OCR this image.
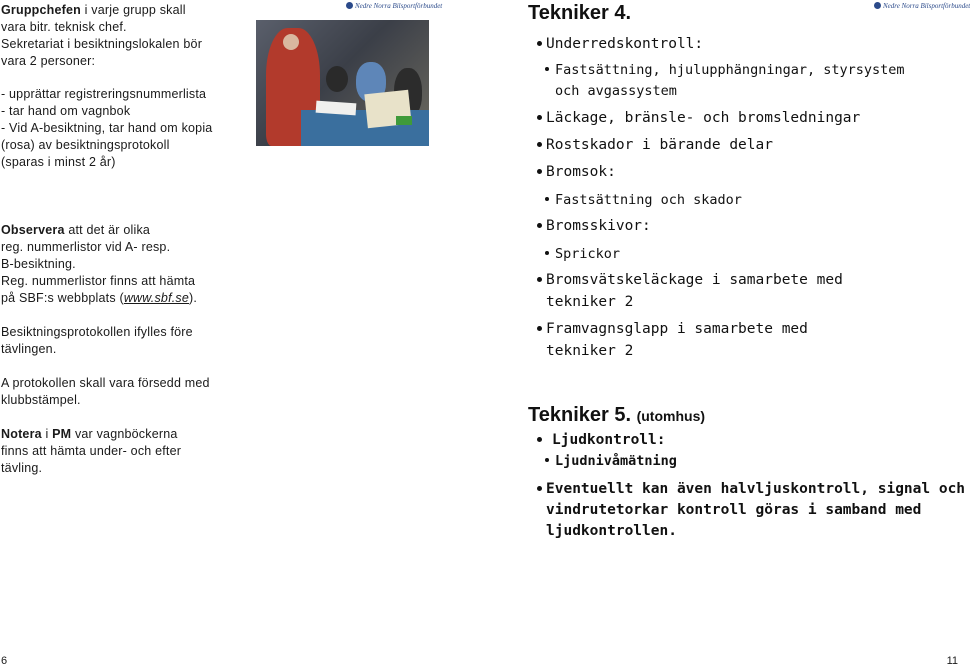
Gruppchefen i varje grupp skall
vara bitr. teknisk chef.
Sekretariat i besiktningslokalen bör
vara 2 personer:
- upprättar registreringsnummerlista
- tar hand om vagnbok
- Vid A-besiktning, tar hand om kopia
(rosa) av besiktningsprotokoll
(sparas i minst 2 år)
Observera att det är olika
reg. nummerlistor vid A- resp.
B-besiktning.
Reg. nummerlistor finns att hämta
på SBF:s webbplats (www.sbf.se).
Besiktningsprotokollen ifylles före
tävlingen.
A protokollen skall vara försedd med
klubbstämpel.
Notera i PM var vagnböckerna
finns att hämta under- och efter
tävling.
Nedre Norra Bilsportförbundet
6
Tekniker 4.	Nedre Norra Bilsportförbundet
Underredskontroll:
Fastsättning, hjulupphängningar, styrsystem
och avgassystem
Läckage, bränsle- och bromsledningar
Rostskador i bärande delar
Bromsok:
Fastsättning och skador
Bromsskivor:
Sprickor
Bromsvätskeläckage i samarbete med
tekniker 2
Framvagnsglapp i samarbete med
tekniker 2
Tekniker 5. (utomhus)
Ljudkontroll:
Ljudnivåmätning
Eventuellt kan även halvljuskontroll, signal och
vindrutetorkar kontroll göras i samband med
ljudkontrollen.
11
